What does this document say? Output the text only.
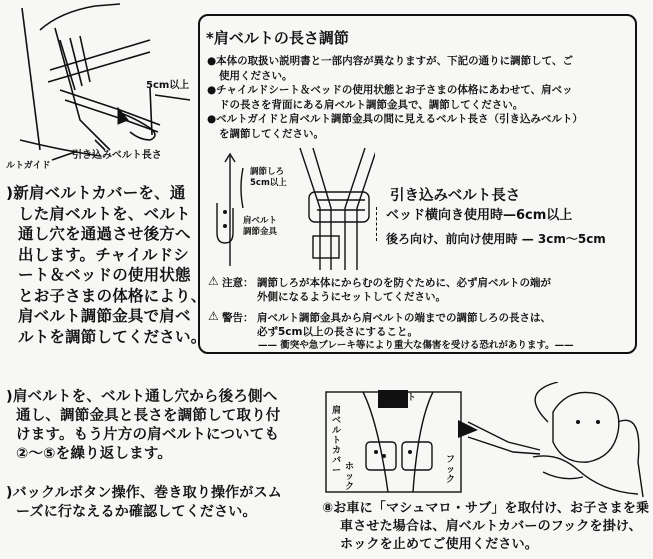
5cm以上
ルトガイド
引き込みベルト長さ
)新肩ベルトカバーを、通
した肩ベルトを、ベルト
通し穴を通過させ後方へ
出します。チャイルドシ
ート＆ベッドの使用状態
とお子さまの体格により、
肩ベルト調節金具で肩ベ
ルトを調節してください。
*肩ベルトの長さ調節
●本体の取扱い説明書と一部内容が異なりますが、下記の通りに調節して、ご
使用ください。
●チャイルドシート＆ベッドの使用状態とお子さまの体格にあわせて、肩ベッ
ドの長さを背面にある肩ベルト調節金具で、調節してください。
●ベルトガイドと肩ベルト調節金具の間に見えるベルト長さ（引き込みベルト）
を調節してください。
調節しろ
5cm以上
肩ベルト
調節金具
引き込みベルト長さ
ベッド横向き使用時—6cm以上
後ろ向け、前向け使用時 — 3cm～5cm
⚠ 注意： 調節しろが本体にからむのを防ぐために、必ず肩ベルトの端が
外側になるようにセットしてください。
⚠ 警告： 肩ベルト調節金具から肩ベルトの端までの調節しろの長さは、
必ず5cm以上の長さにすること。
—— 衝突や急ブレーキ等により重大な傷害を受ける恐れがあります。——
)肩ベルトを、ベルト通し穴から後ろ側へ
通し、調節金具と長さを調節して取り付
けます。もう片方の肩ベルトについても
②～⑤を繰り返します。
)バックルボタン操作、巻き取り操作がスム
ーズに行なえるか確認してください。
肩ベルト
肩ベルトカバー ホック
フック
⑧お車に「マシュマロ・サブ」を取付け、お子さまを乗
車させた場合は、肩ベルトカバーのフックを掛け、
ホックを止めてご使用ください。
